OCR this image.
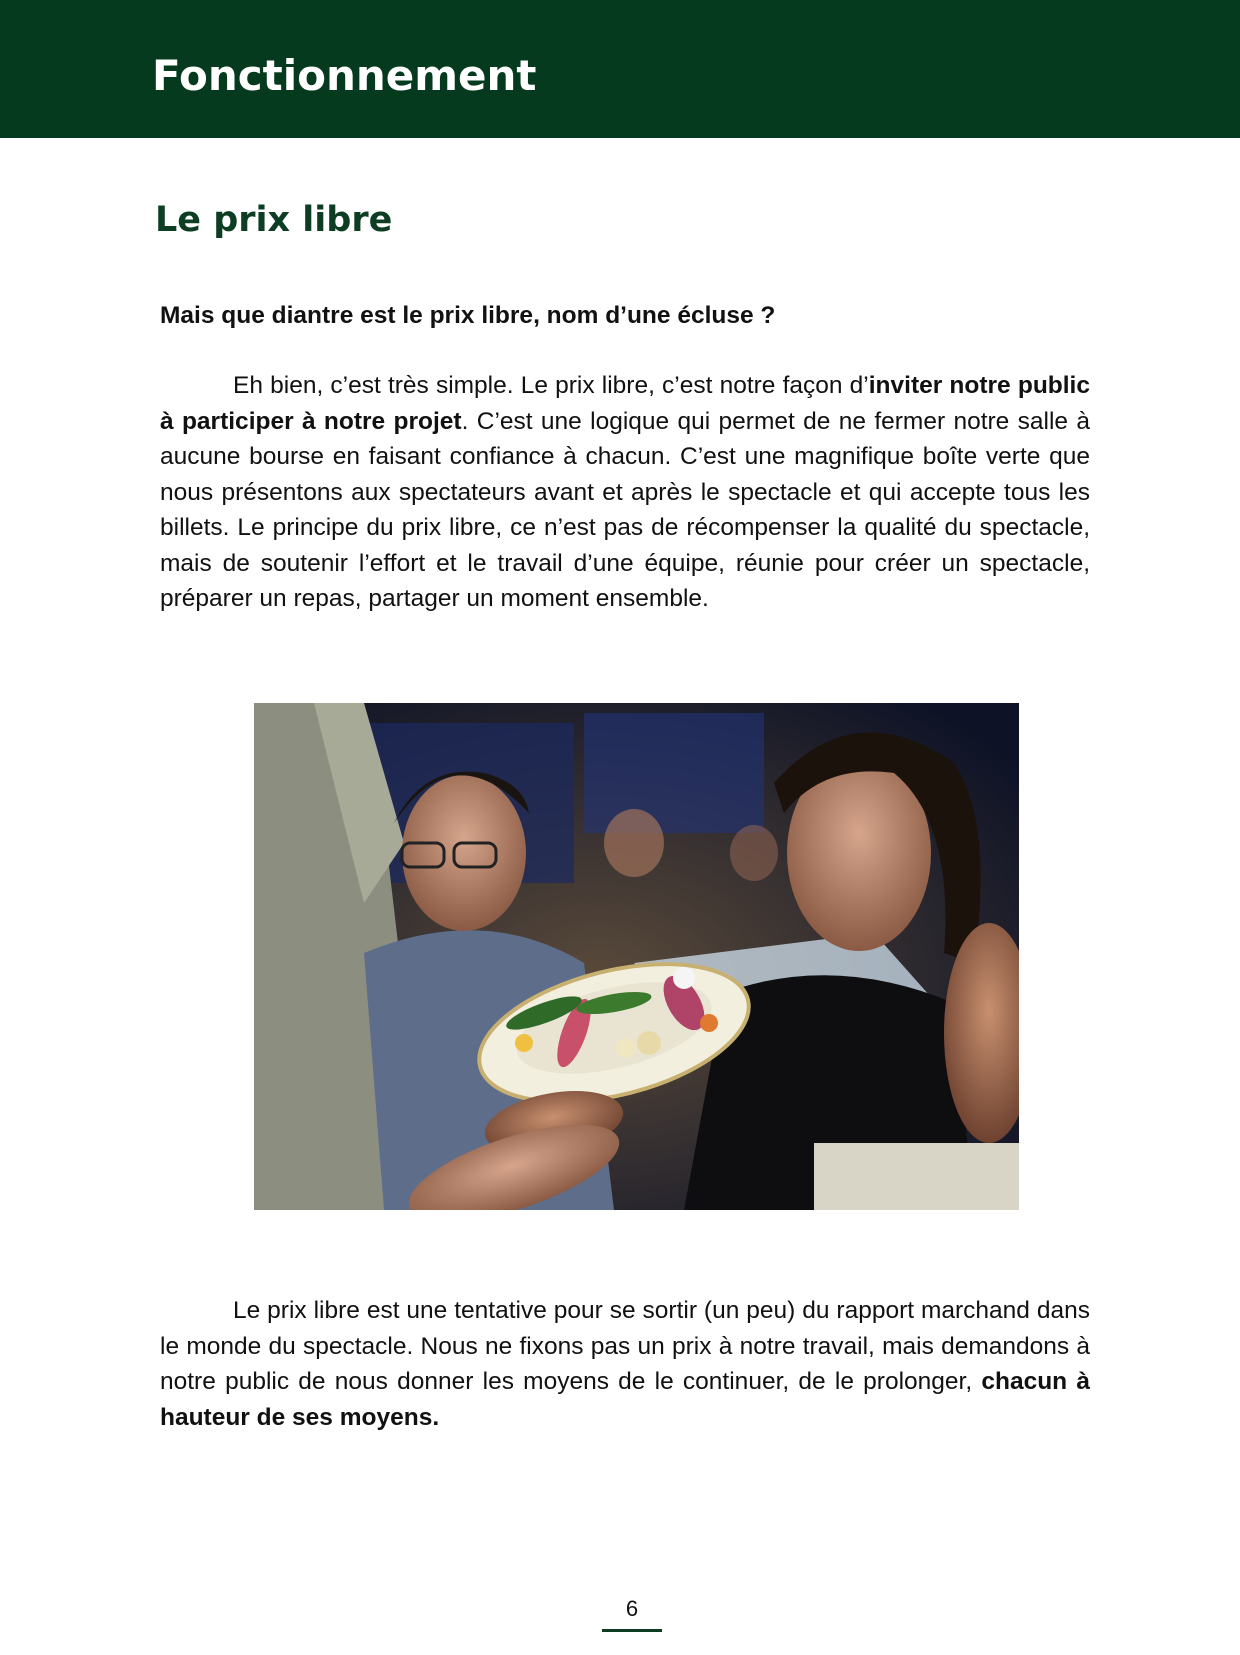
Fonctionnement
Le prix libre

Mais que diantre est le prix libre, nom d’une écluse ?

Eh bien, c’est très simple. Le prix libre, c’est notre façon d’inviter notre public à participer à notre projet. C’est une logique qui permet de ne fermer notre salle à aucune bourse en faisant confiance à chacun. C’est une magnifique boîte verte que nous présentons aux spectateurs avant et après le spectacle et qui accepte tous les billets. Le principe du prix libre, ce n’est pas de récompenser la qualité du spectacle, mais de soutenir l’effort et le travail d’une équipe, réunie pour créer un spectacle, préparer un repas, partager un moment ensemble.

Le prix libre est une tentative pour se sortir (un peu) du rapport marchand dans le monde du spectacle. Nous ne fixons pas un prix à notre travail, mais demandons à notre public de nous donner les moyens de le continuer, de le prolonger, chacun à hauteur de ses moyens.

6
